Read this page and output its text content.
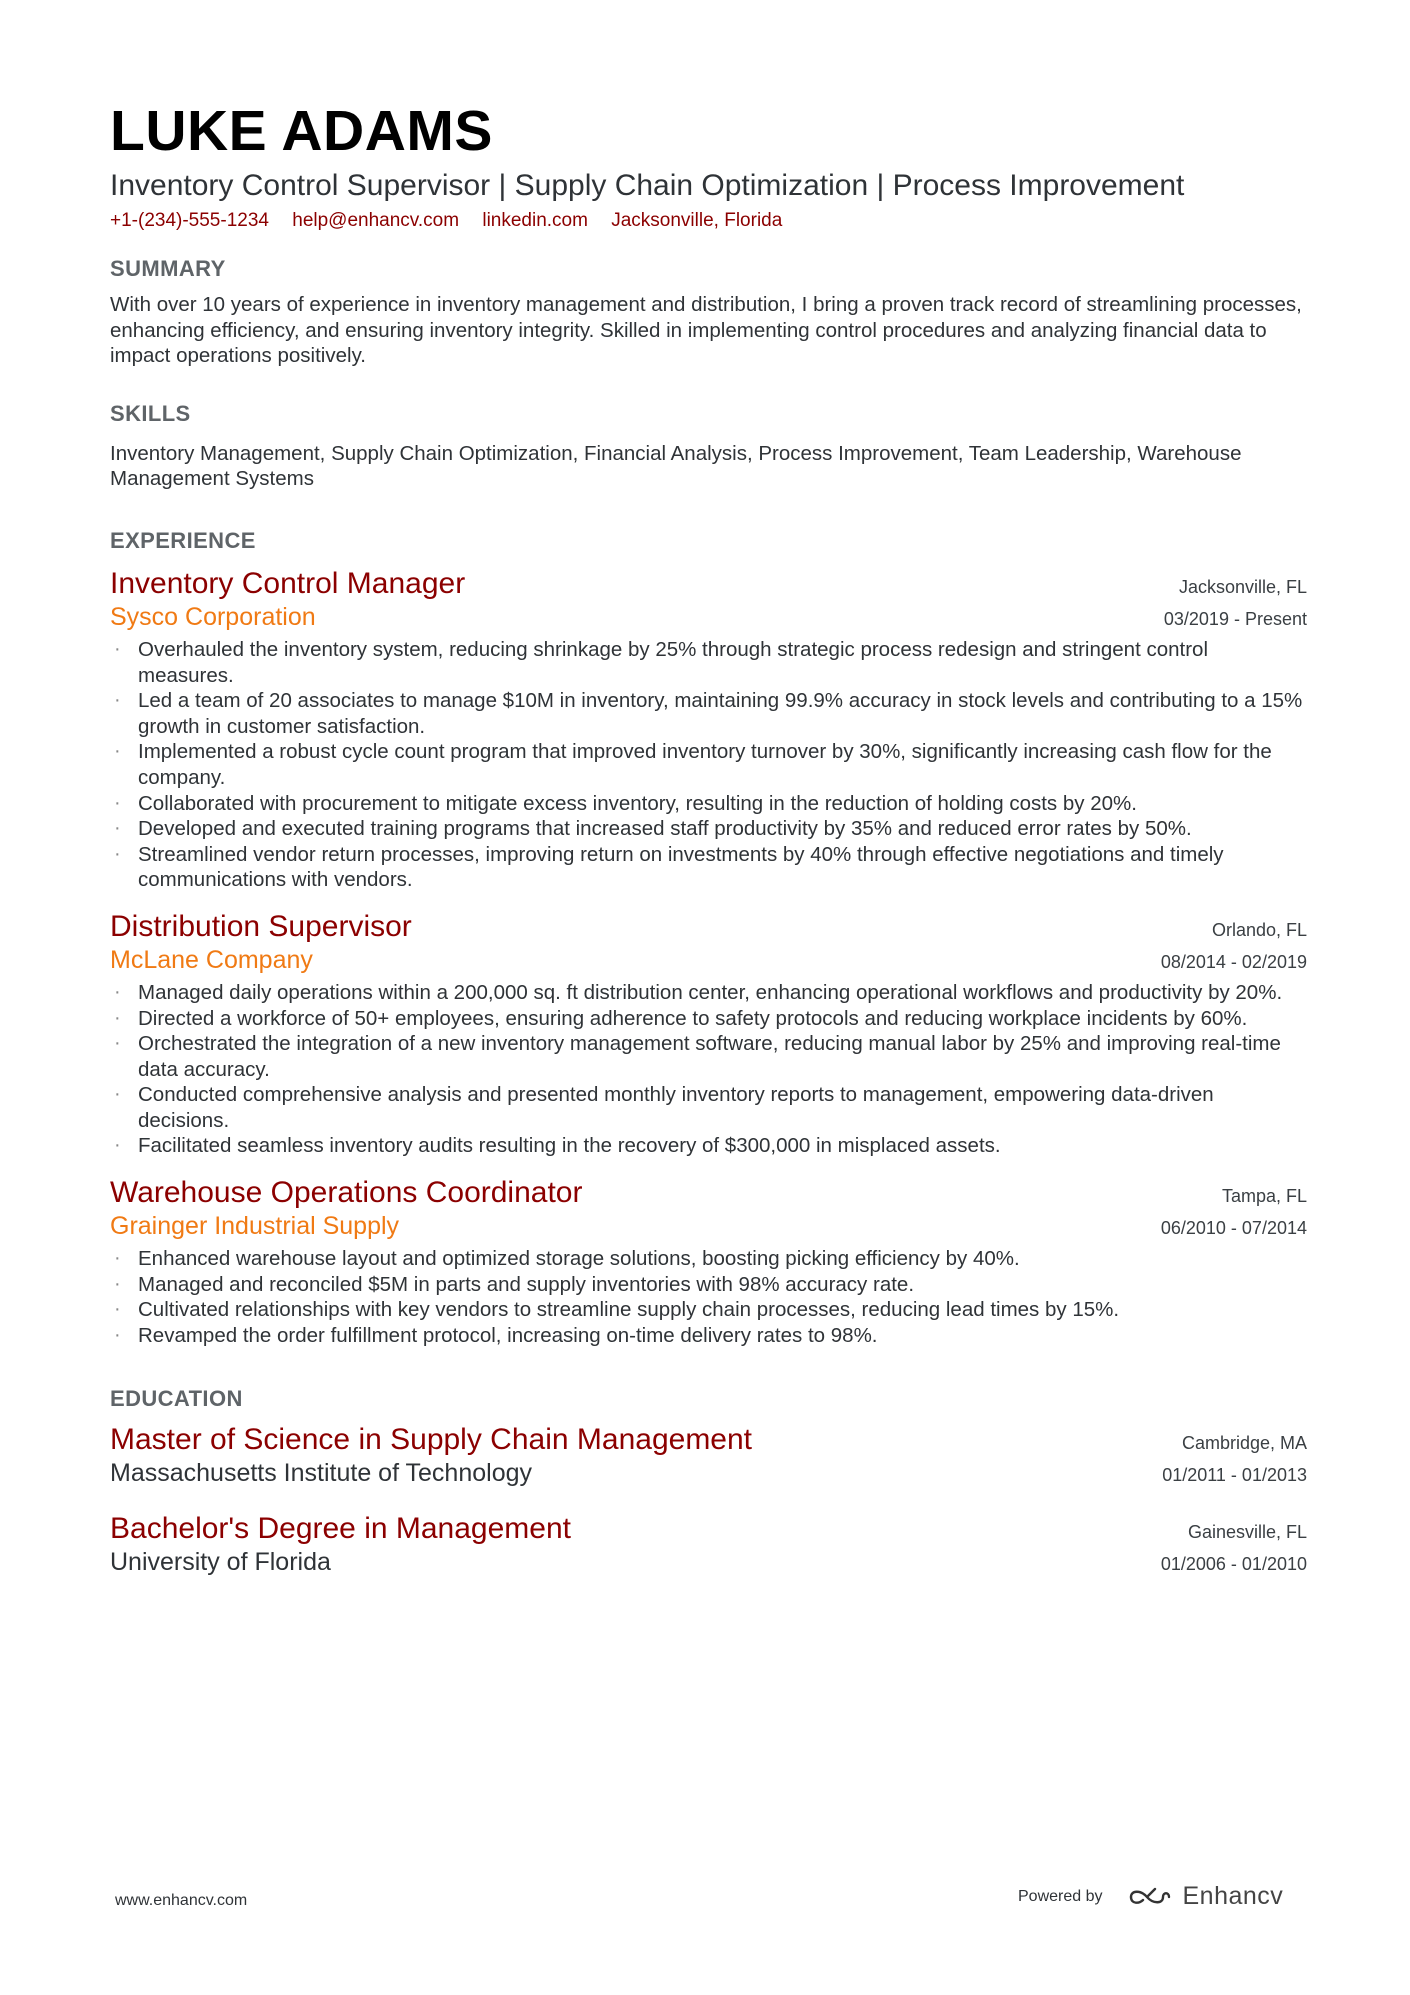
LUKE ADAMS
Inventory Control Supervisor | Supply Chain Optimization | Process Improvement
+1-(234)-555-1234 help@enhancv.com linkedin.com Jacksonville, Florida
SUMMARY
With over 10 years of experience in inventory management and distribution, I bring a proven track record of streamlining processes, enhancing efficiency, and ensuring inventory integrity. Skilled in implementing control procedures and analyzing financial data to impact operations positively.
SKILLS
Inventory Management, Supply Chain Optimization, Financial Analysis, Process Improvement, Team Leadership, Warehouse Management Systems
EXPERIENCE
Inventory Control Manager	Jacksonville, FL
Sysco Corporation	03/2019 - Present
· Overhauled the inventory system, reducing shrinkage by 25% through strategic process redesign and stringent control measures.
· Led a team of 20 associates to manage $10M in inventory, maintaining 99.9% accuracy in stock levels and contributing to a 15% growth in customer satisfaction.
· Implemented a robust cycle count program that improved inventory turnover by 30%, significantly increasing cash flow for the company.
· Collaborated with procurement to mitigate excess inventory, resulting in the reduction of holding costs by 20%.
· Developed and executed training programs that increased staff productivity by 35% and reduced error rates by 50%.
· Streamlined vendor return processes, improving return on investments by 40% through effective negotiations and timely communications with vendors.
Distribution Supervisor	Orlando, FL
McLane Company	08/2014 - 02/2019
· Managed daily operations within a 200,000 sq. ft distribution center, enhancing operational workflows and productivity by 20%.
· Directed a workforce of 50+ employees, ensuring adherence to safety protocols and reducing workplace incidents by 60%.
· Orchestrated the integration of a new inventory management software, reducing manual labor by 25% and improving real-time data accuracy.
· Conducted comprehensive analysis and presented monthly inventory reports to management, empowering data-driven decisions.
· Facilitated seamless inventory audits resulting in the recovery of $300,000 in misplaced assets.
Warehouse Operations Coordinator	Tampa, FL
Grainger Industrial Supply	06/2010 - 07/2014
· Enhanced warehouse layout and optimized storage solutions, boosting picking efficiency by 40%.
· Managed and reconciled $5M in parts and supply inventories with 98% accuracy rate.
· Cultivated relationships with key vendors to streamline supply chain processes, reducing lead times by 15%.
· Revamped the order fulfillment protocol, increasing on-time delivery rates to 98%.
EDUCATION
Master of Science in Supply Chain Management	Cambridge, MA
Massachusetts Institute of Technology	01/2011 - 01/2013
Bachelor's Degree in Management	Gainesville, FL
University of Florida	01/2006 - 01/2010
www.enhancv.com	Powered by	Enhancv
